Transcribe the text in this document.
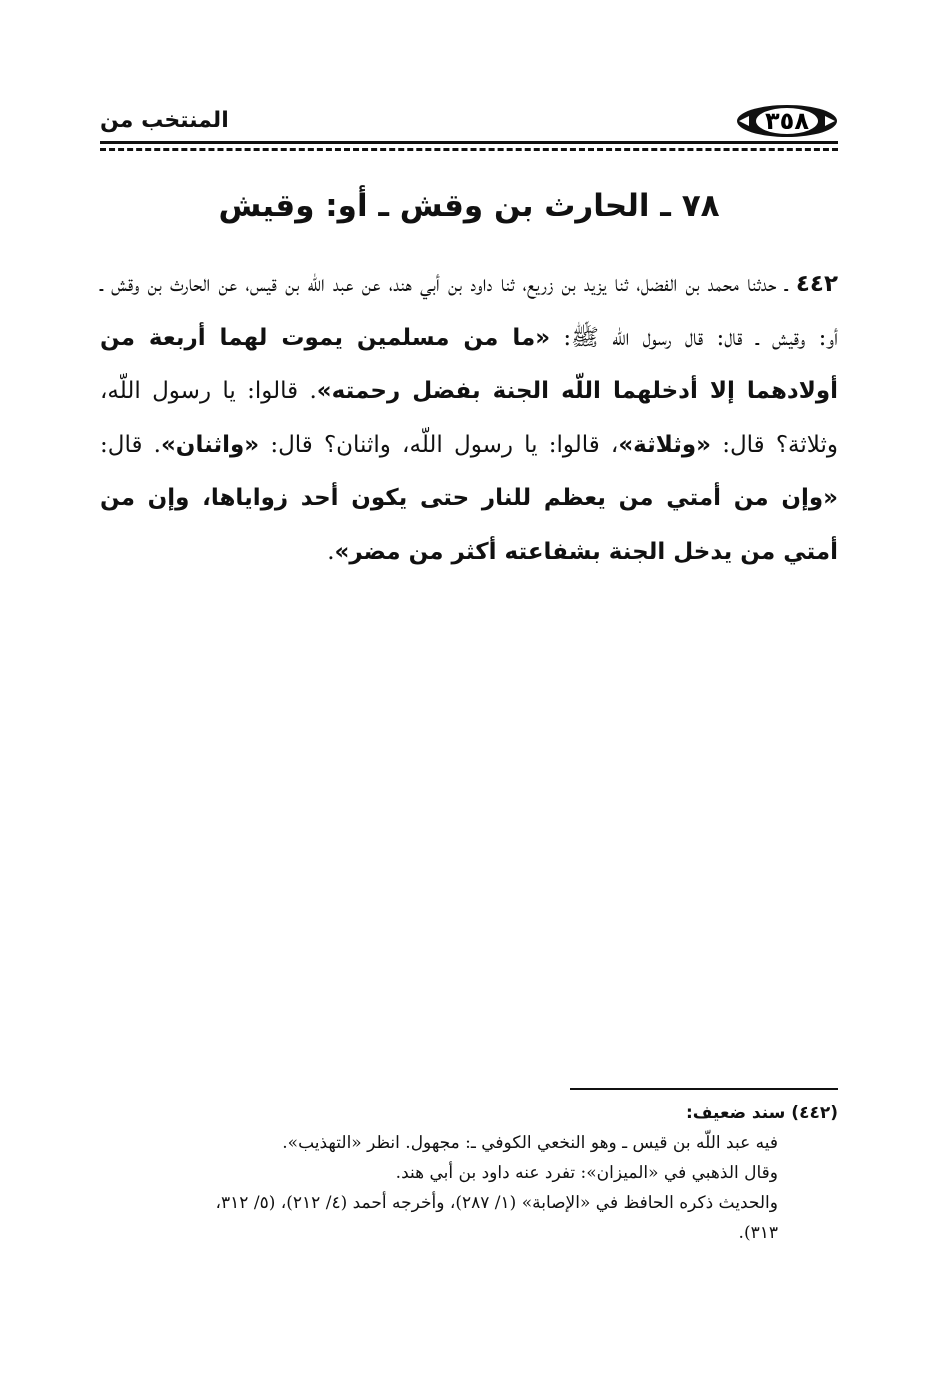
المنتخب من	٣٥٨
٧٨ ـ الحارث بن وقش ـ أو: وقيش
٤٤٢ ـ حدثنا محمد بن الفضل، ثنا يزيد بن زريع، ثنا داود بن أبي هند، عن عبد اللّه بن قيس، عن الحارث بن وقش ـ أو: وقيش ـ قال: قال رسول اللّه ﷺ: «ما من مسلمين يموت لهما أربعة من أولادهما إلا أدخلهما اللّه الجنة بفضل رحمته». قالوا: يا رسول اللّه، وثلاثة؟ قال: «وثلاثة»، قالوا: يا رسول اللّه، واثنان؟ قال: «واثنان». قال: «وإن من أمتي من يعظم للنار حتى يكون أحد زواياها، وإن من أمتي من يدخل الجنة بشفاعته أكثر من مضر».
(٤٤٢) سند ضعيف:
فيه عبد اللّه بن قيس ـ وهو النخعي الكوفي ـ: مجهول. انظر «التهذيب».
وقال الذهبي في «الميزان»: تفرد عنه داود بن أبي هند.
والحديث ذكره الحافظ في «الإصابة» (١/ ٢٨٧)، وأخرجه أحمد (٤/ ٢١٢)، (٥/ ٣١٢،
٣١٣).
